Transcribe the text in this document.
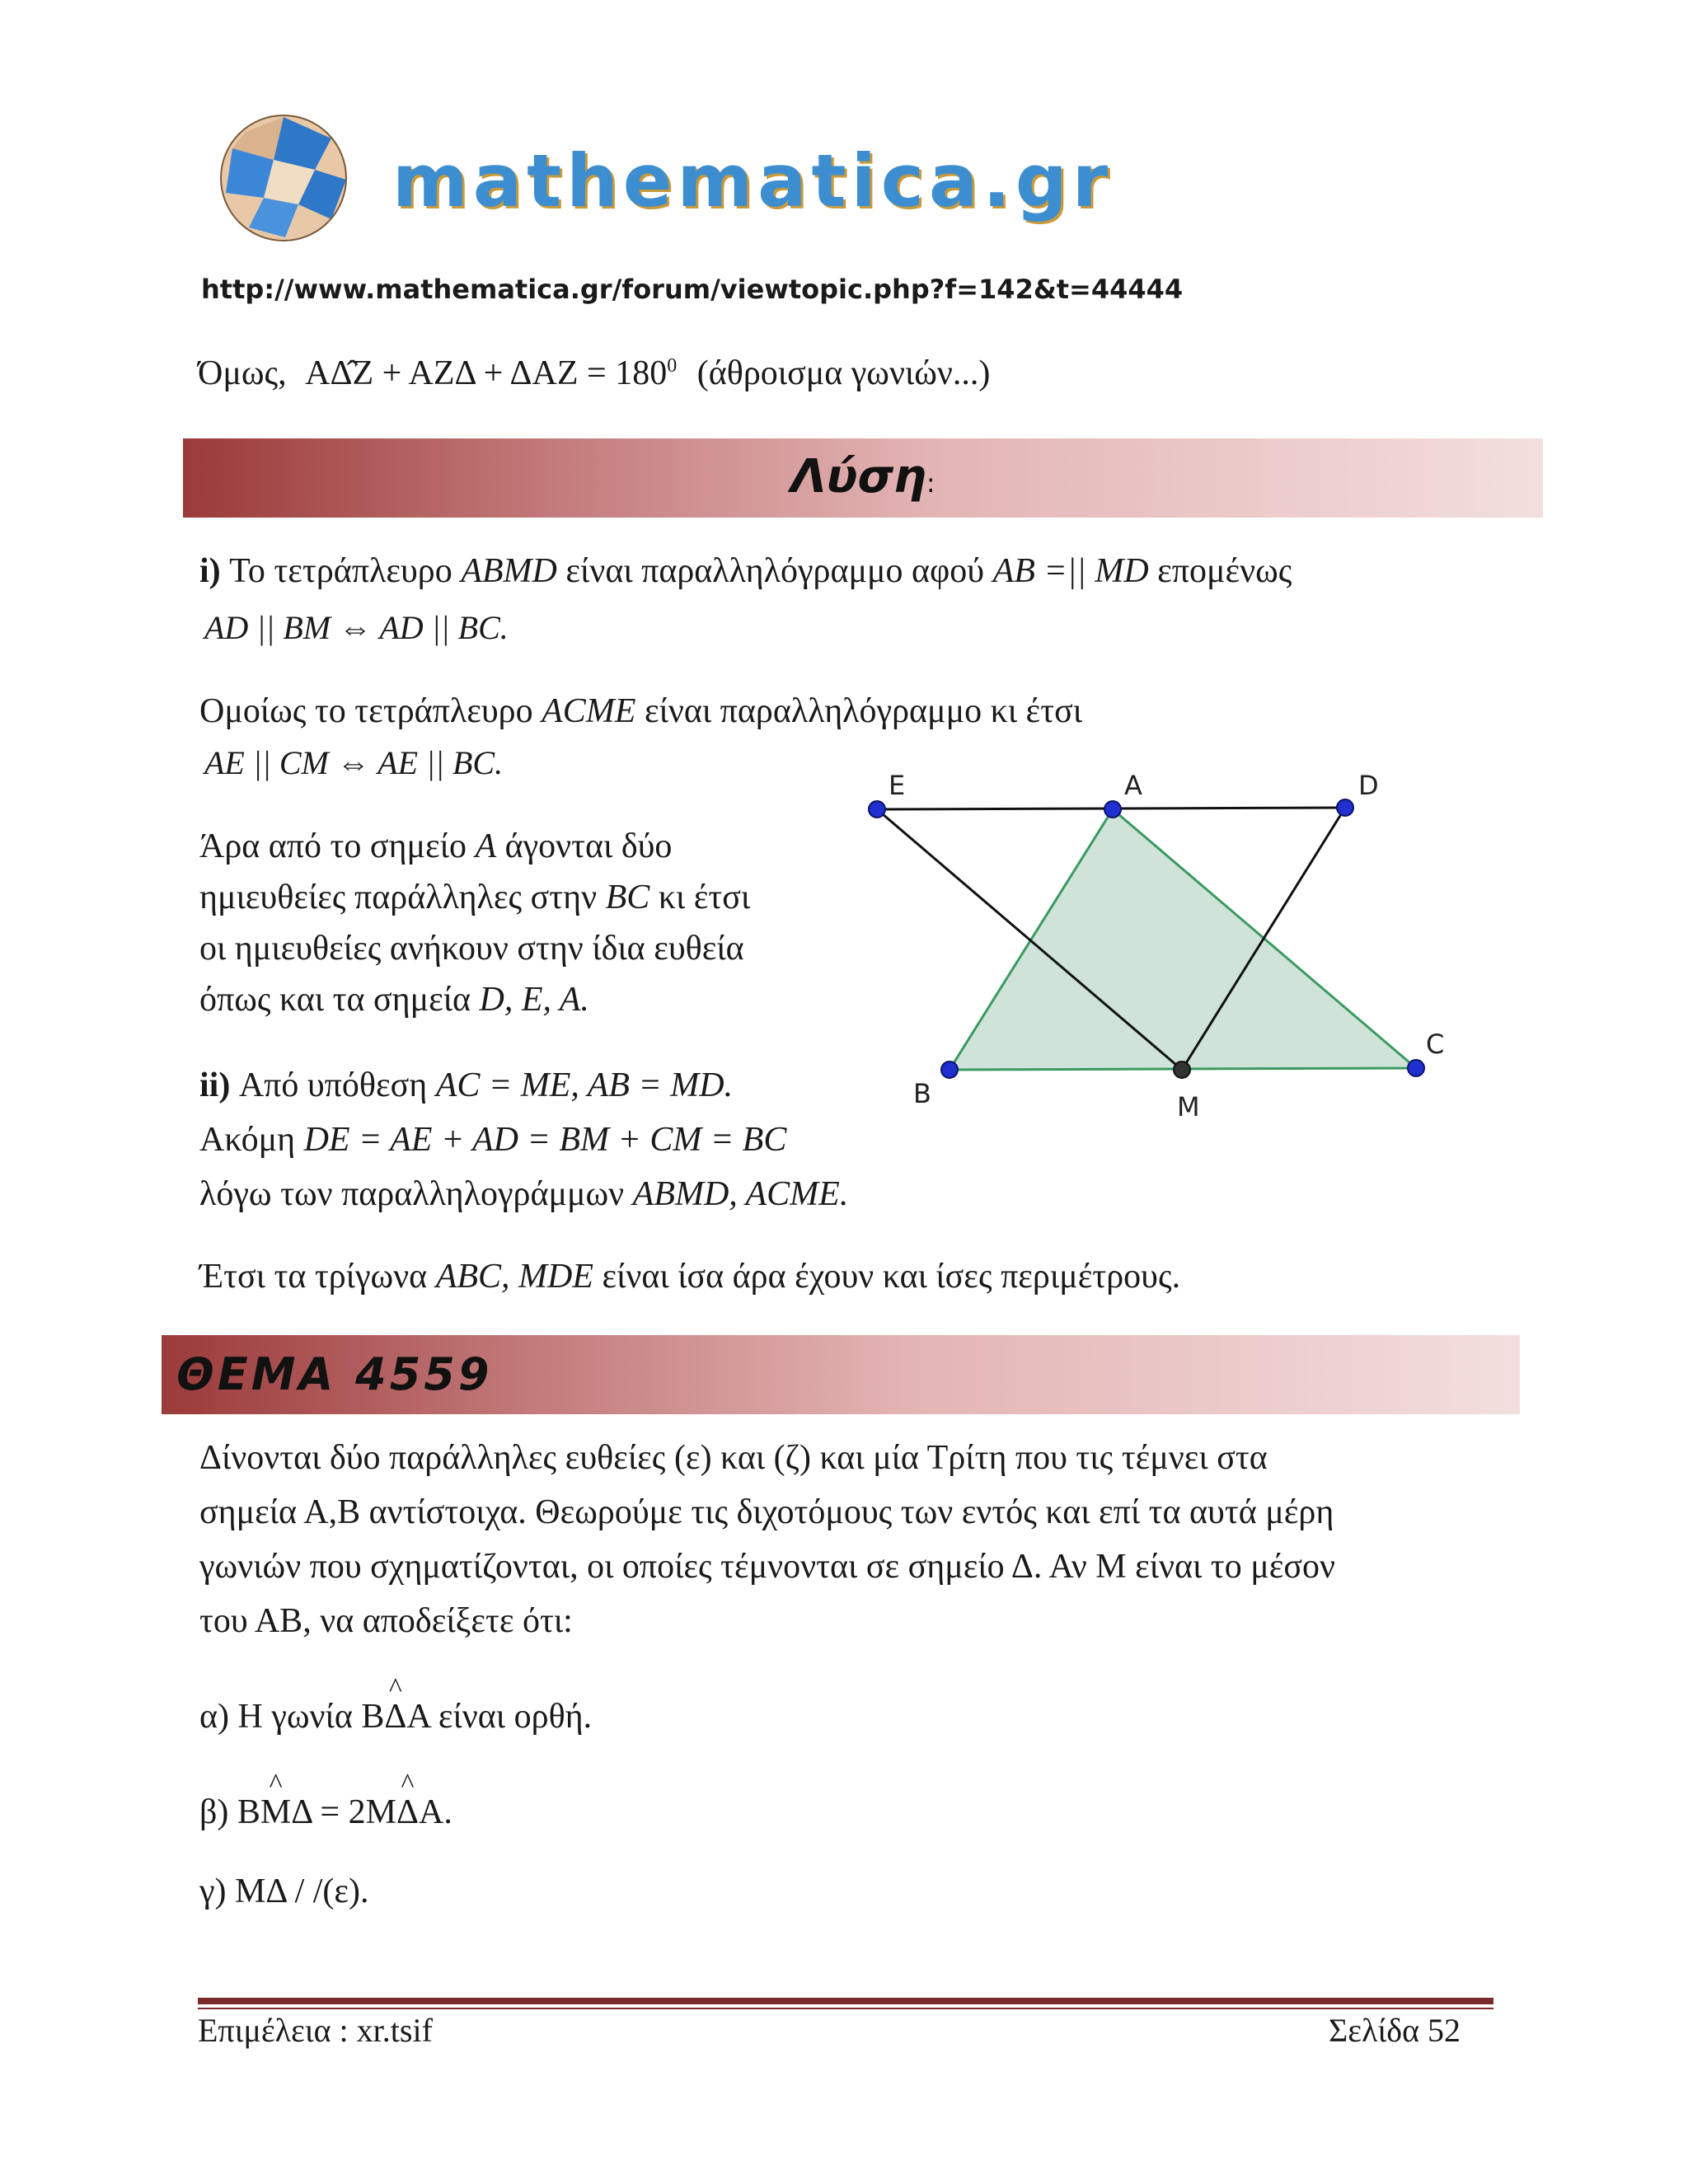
mathematica.gr
http://www.mathematica.gr/forum/viewtopic.php?f=142&t=44444
Όμως, ΑΔ̂Ζ + $AZ\Delta + \Delta AZ = 180^0$ (άθροισμα γωνιών...)
Λύση:
i) Το τετράπλευρο ABMD είναι παραλληλόγραμμο αφού AB =|| MD επομένως
AD || BM ⇔ AD || BC.
Ομοίως το τετράπλευρο ACME είναι παραλληλόγραμμο κι έτσι
AE || CM ⇔ AE || BC.
Άρα από το σημείο A άγονται δύο
ημιευθείες παράλληλες στην BC κι έτσι
οι ημιευθείες ανήκουν στην ίδια ευθεία
όπως και τα σημεία D, E, A.
ii) Από υπόθεση AC = ME, AB = MD.
Ακόμη DE = AE + AD = BM + CM = BC
λόγω των παραλληλογράμμων ABMD, ACME.
Έτσι τα τρίγωνα ABC, MDE είναι ίσα άρα έχουν και ίσες περιμέτρους.
E	A	D
B	M
C
ΘΕΜΑ 4559
Δίνονται δύο παράλληλες ευθείες (ε) και (ζ) και μία Τρίτη που τις τέμνει στα
σημεία Α,Β αντίστοιχα. Θεωρούμε τις διχοτόμους των εντός και επί τα αυτά μέρη
γωνιών που σχηματίζονται, οι οποίες τέμνονται σε σημείο Δ. Αν Μ είναι το μέσον
του ΑΒ, να αποδείξετε ότι:
α) Η γωνία Β^ ΔΑ είναι ορθή.
β) Β^ ΜΔ = 2Μ^ ΔΑ.
γ) ΜΔ / /(ε).
Επιμέλεια : xr.tsif	Σελίδα 52
